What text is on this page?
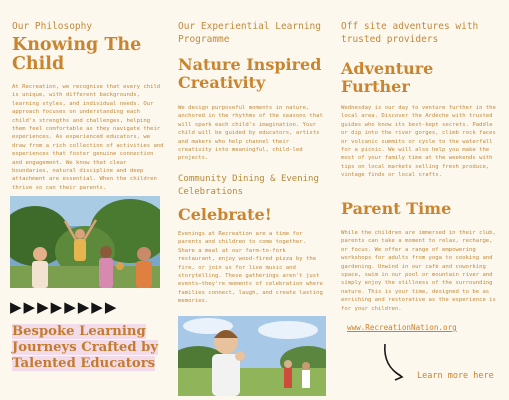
Our Philosophy
Knowing The Child
At Recreation, we recognise that every child is unique, with different backgrounds, learning styles, and individual needs. Our approach focuses on understanding each child's strengths and challenges, helping them feel comfortable as they navigate their experiences. As experienced educators, we draw from a rich collection of activities and experiences that foster genuine connection and engagement. We know that clear boundaries, natural discipline and deep attachment are essential. When the children thrive so can their parents.
▶ ▶ ▶ ▶ ▶ ▶ ▶ ▶
Bespoke Learning Journeys Crafted by Talented Educators
Our Experiential Learning Programme
Nature Inspired Creativity
We design purposeful moments in nature, anchored in the rhythms of the seasons that will spark each child's imagination. Your child will be guided by educators, artists and makers who help channel their creativity into meaningful, child-led projects.
Community Dining & Evening Celebrations
Celebrate!
Evenings at Recreation are a time for parents and children to come together. Share a meal at our farm-to-fork restaurant, enjoy wood-fired pizza by the fire, or join us for live music and storytelling. These gatherings aren't just events—they're moments of celebration where families connect, laugh, and create lasting memories.
Off site adventures with trusted providers
Adventure Further
Wednesday is our day to venture further in the local area. Discover the Ardèche with trusted guides who know its best-kept secrets. Paddle or dip into the river gorges, climb rock faces or volcanic summits or cycle to the waterfall for a picnic. We will also help you make the most of your family time at the weekends with tips on local markets selling fresh produce, vintage finds or local crafts.
Parent Time
While the children are immersed in their club, parents can take a moment to relax, recharge, or focus. We offer a range of empowering workshops for adults from yoga to cooking and gardening. Unwind in our café and coworking space, swim in our pool or mountain river and simply enjoy the stillness of the surrounding nature. This is your time, designed to be as enriching and restorative as the experience is for your children.
www.RecreationNation.org
Learn more here
